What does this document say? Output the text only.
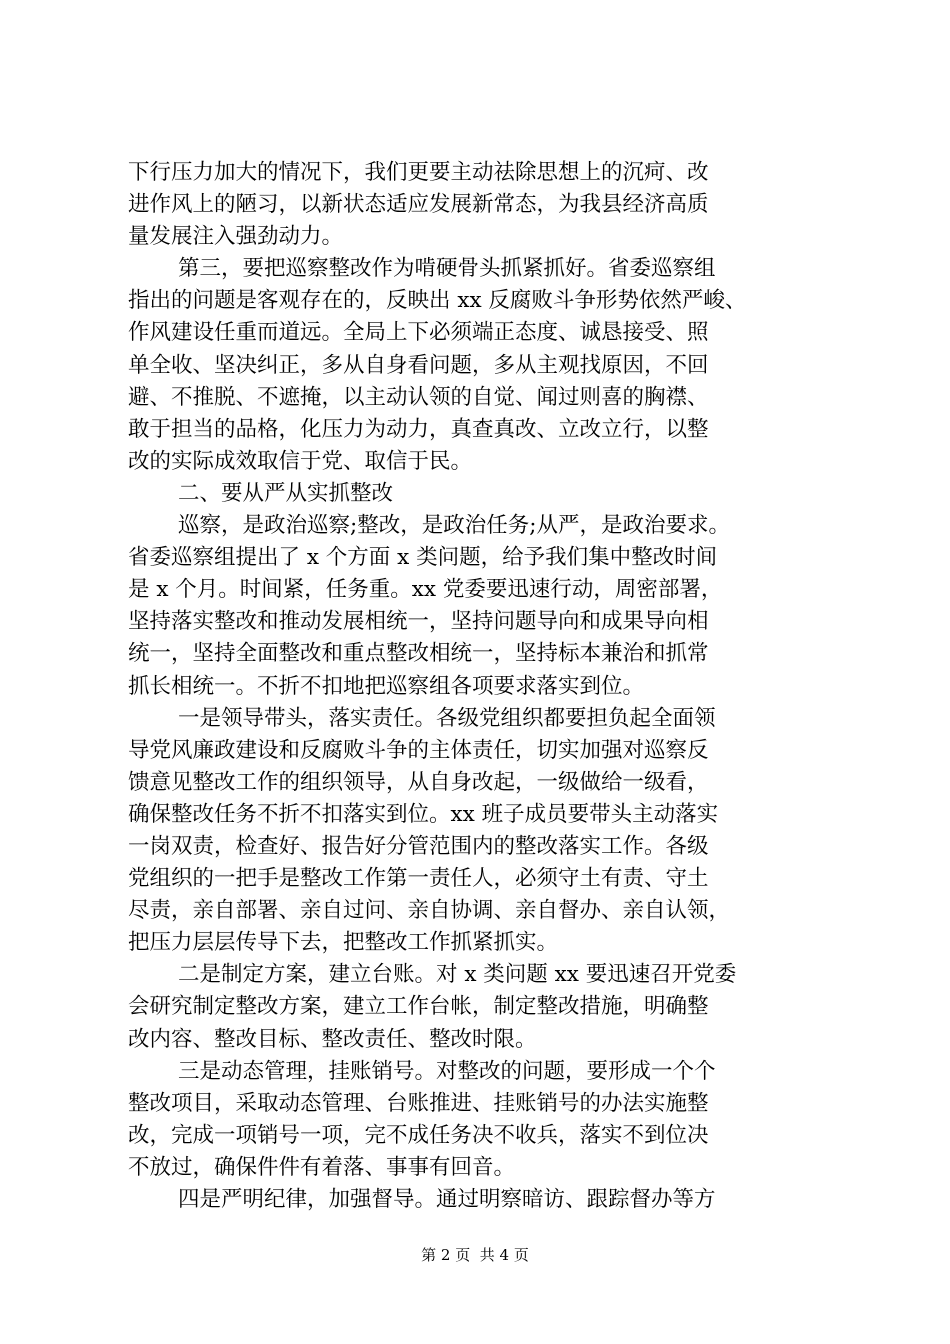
下行压力加大的情况下，我们更要主动祛除思想上的沉疴、改
进作风上的陋习，以新状态适应发展新常态，为我县经济高质
量发展注入强劲动力。
第三，要把巡察整改作为啃硬骨头抓紧抓好。省委巡察组
指出的问题是客观存在的，反映出 xx 反腐败斗争形势依然严峻、
作风建设任重而道远。全局上下必须端正态度、诚恳接受、照
单全收、坚决纠正，多从自身看问题，多从主观找原因，不回
避、不推脱、不遮掩，以主动认领的自觉、闻过则喜的胸襟、
敢于担当的品格，化压力为动力，真查真改、立改立行，以整
改的实际成效取信于党、取信于民。
二、要从严从实抓整改
巡察，是政治巡察;整改，是政治任务;从严，是政治要求。
省委巡察组提出了 x 个方面 x 类问题，给予我们集中整改时间
是 x 个月。时间紧，任务重。xx 党委要迅速行动，周密部署，
坚持落实整改和推动发展相统一，坚持问题导向和成果导向相
统一，坚持全面整改和重点整改相统一，坚持标本兼治和抓常
抓长相统一。不折不扣地把巡察组各项要求落实到位。
一是领导带头，落实责任。各级党组织都要担负起全面领
导党风廉政建设和反腐败斗争的主体责任，切实加强对巡察反
馈意见整改工作的组织领导，从自身改起，一级做给一级看，
确保整改任务不折不扣落实到位。xx 班子成员要带头主动落实
一岗双责，检查好、报告好分管范围内的整改落实工作。各级
党组织的一把手是整改工作第一责任人，必须守土有责、守土
尽责，亲自部署、亲自过问、亲自协调、亲自督办、亲自认领，
把压力层层传导下去，把整改工作抓紧抓实。
二是制定方案，建立台账。对 x 类问题 xx 要迅速召开党委
会研究制定整改方案，建立工作台帐，制定整改措施，明确整
改内容、整改目标、整改责任、整改时限。
三是动态管理，挂账销号。对整改的问题，要形成一个个
整改项目，采取动态管理、台账推进、挂账销号的办法实施整
改，完成一项销号一项，完不成任务决不收兵，落实不到位决
不放过，确保件件有着落、事事有回音。
四是严明纪律，加强督导。通过明察暗访、跟踪督办等方
第 2 页  共 4 页
